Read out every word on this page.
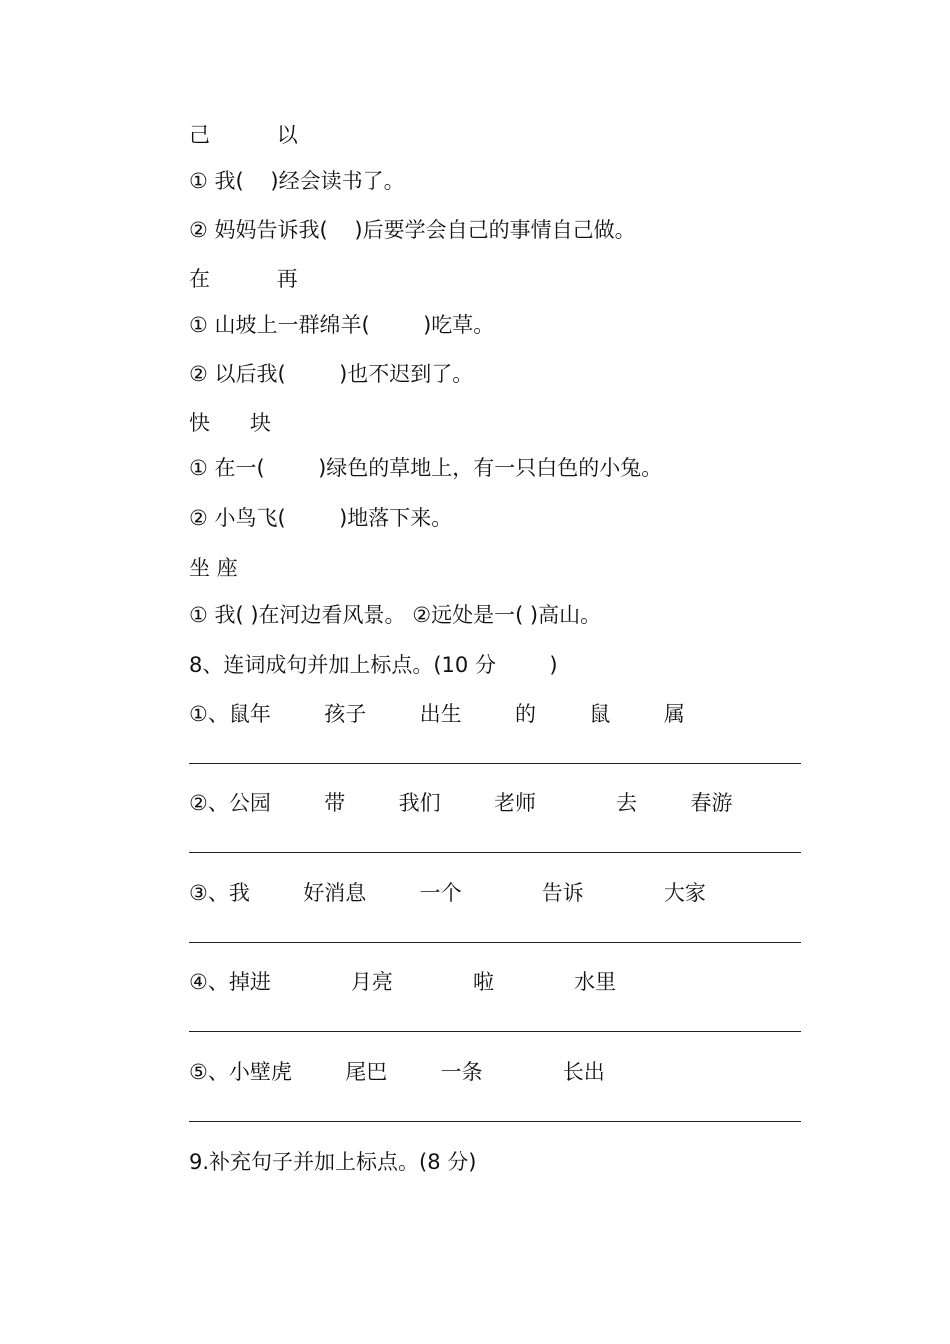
己          以
① 我(    )经会读书了。
② 妈妈告诉我(    )后要学会自己的事情自己做。
在          再
① 山坡上一群绵羊(        )吃草。
② 以后我(        )也不迟到了。
快      块
① 在一(        )绿色的草地上，有一只白色的小兔。
② 小鸟飞(        )地落下来。
坐 座
① 我( )在河边看风景。 ②远处是一( )高山。
8、连词成句并加上标点。(10 分        )
①、鼠年        孩子        出生        的        鼠        属
②、公园        带        我们        老师            去        春游
③、我        好消息        一个            告诉            大家
④、掉进            月亮            啦            水里
⑤、小壁虎        尾巴        一条            长出
9.补充句子并加上标点。(8 分)
